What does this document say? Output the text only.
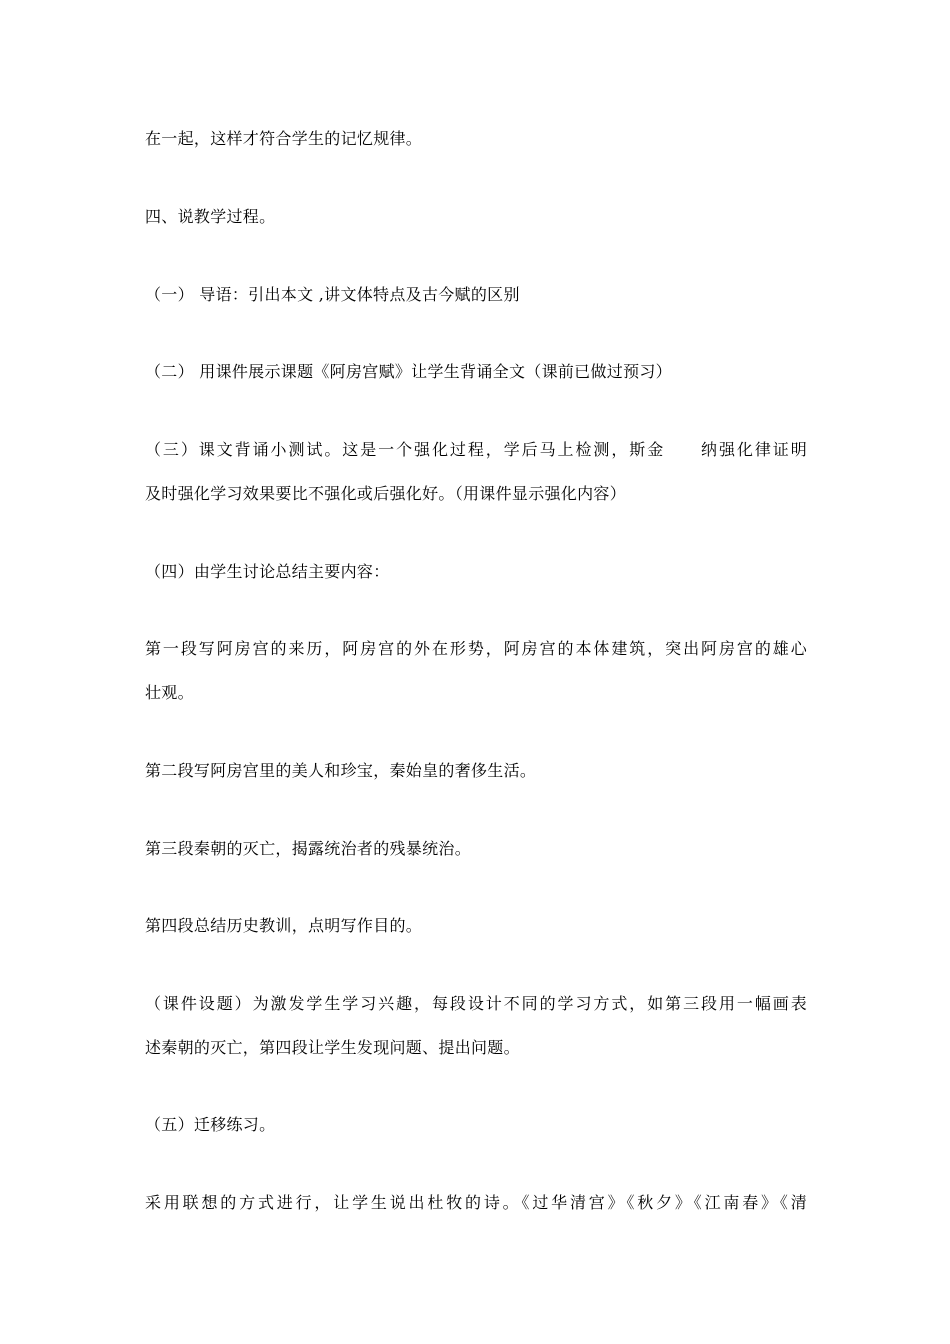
在一起，这样才符合学生的记忆规律。
四、说教学过程。
（一） 导语：引出本文 ,讲文体特点及古今赋的区别
（二） 用课件展示课题《阿房宫赋》让学生背诵全文（课前已做过预习）
（三）课文背诵小测试。这是一个强化过程，学后马上检测，斯金　　纳强化律证明
及时强化学习效果要比不强化或后强化好。（用课件显示强化内容）
（四）由学生讨论总结主要内容：
第一段写阿房宫的来历，阿房宫的外在形势，阿房宫的本体建筑，突出阿房宫的雄心
壮观。
第二段写阿房宫里的美人和珍宝，秦始皇的奢侈生活。
第三段秦朝的灭亡，揭露统治者的残暴统治。
第四段总结历史教训，点明写作目的。
（课件设题）为激发学生学习兴趣，每段设计不同的学习方式，如第三段用一幅画表
述秦朝的灭亡，第四段让学生发现问题、提出问题。
（五）迁移练习。
采用联想的方式进行，让学生说出杜牧的诗。《过华清宫》《秋夕》《江南春》《清
